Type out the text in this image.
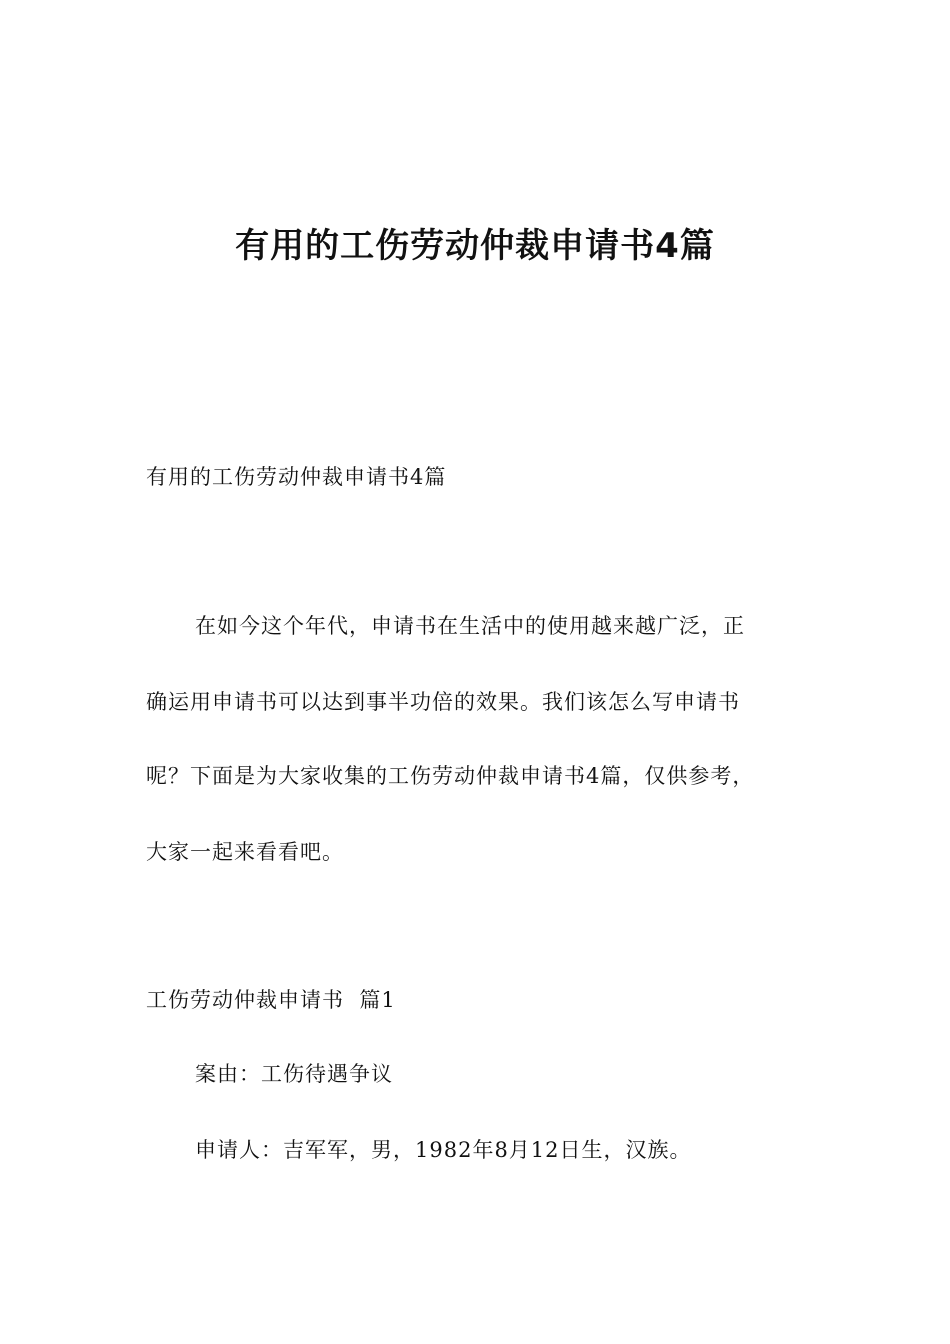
有用的工伤劳动仲裁申请书4篇
有用的工伤劳动仲裁申请书4篇
在如今这个年代，申请书在生活中的使用越来越广泛，正
确运用申请书可以达到事半功倍的效果。我们该怎么写申请书
呢？下面是为大家收集的工伤劳动仲裁申请书4篇，仅供参考，
大家一起来看看吧。
工伤劳动仲裁申请书  篇1
案由：工伤待遇争议
申请人：吉军军，男，1982年8月12日生，汉族。
